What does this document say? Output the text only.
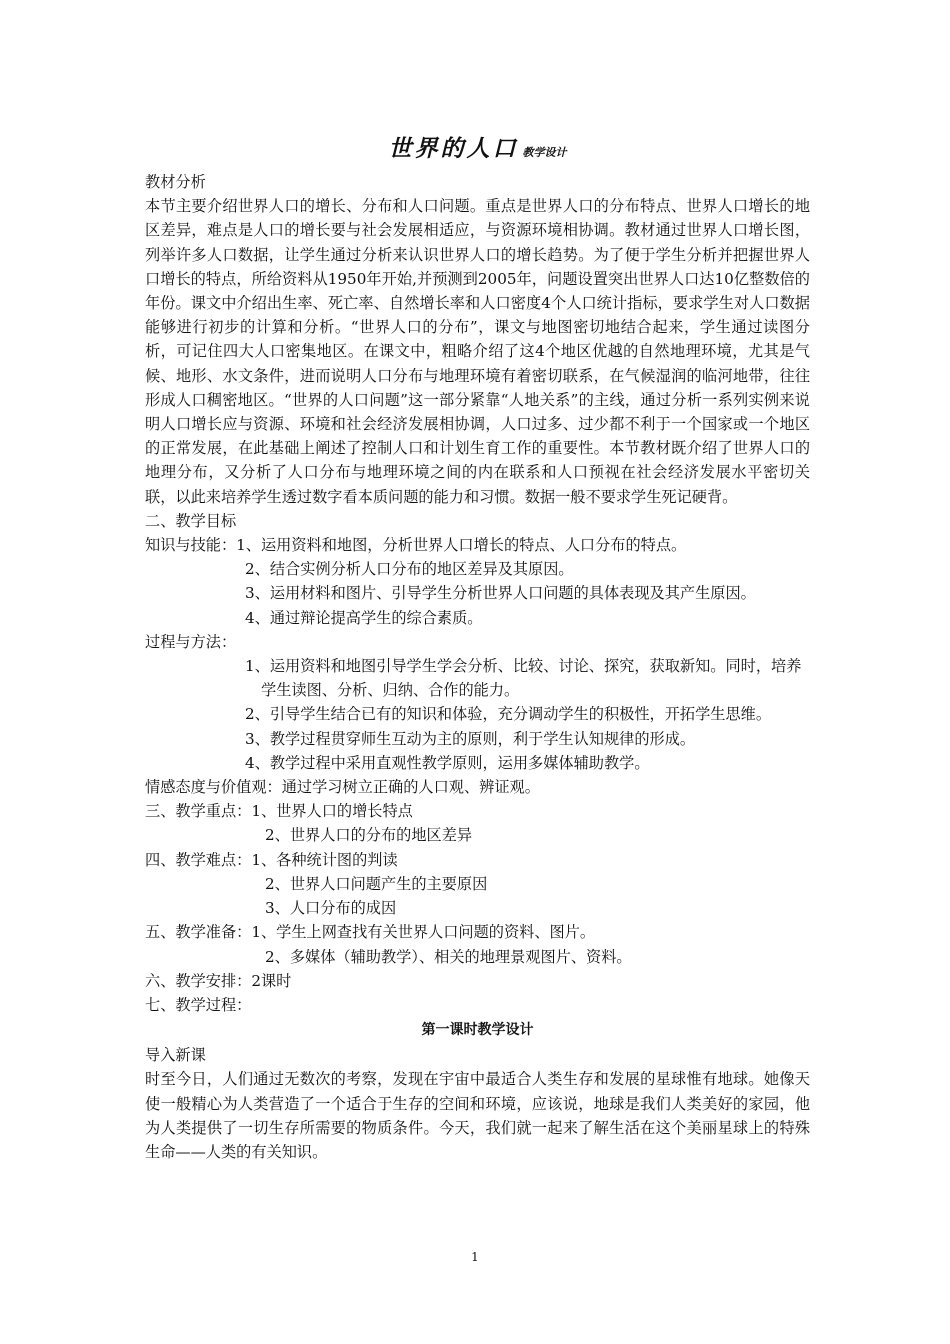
世界的人口 教学设计
教材分析
本节主要介绍世界人口的增长、分布和人口问题。重点是世界人口的分布特点、世界人口增长的地区差异，难点是人口的增长要与社会发展相适应，与资源环境相协调。教材通过世界人口增长图，列举许多人口数据，让学生通过分析来认识世界人口的增长趋势。为了便于学生分析并把握世界人口增长的特点，所给资料从1950年开始,并预测到2005年，问题设置突出世界人口达10亿整数倍的年份。课文中介绍出生率、死亡率、自然增长率和人口密度4个人口统计指标，要求学生对人口数据能够进行初步的计算和分析。“世界人口的分布”，课文与地图密切地结合起来，学生通过读图分析，可记住四大人口密集地区。在课文中，粗略介绍了这4个地区优越的自然地理环境，尤其是气候、地形、水文条件，进而说明人口分布与地理环境有着密切联系，在气候湿润的临河地带，往往形成人口稠密地区。“世界的人口问题”这一部分紧靠“人地关系”的主线，通过分析一系列实例来说明人口增长应与资源、环境和社会经济发展相协调，人口过多、过少都不利于一个国家或一个地区的正常发展，在此基础上阐述了控制人口和计划生育工作的重要性。本节教材既介绍了世界人口的地理分布，又分析了人口分布与地理环境之间的内在联系和人口预视在社会经济发展水平密切关联，以此来培养学生透过数字看本质问题的能力和习惯。数据一般不要求学生死记硬背。
二、教学目标
知识与技能：1、运用资料和地图，分析世界人口增长的特点、人口分布的特点。
2、结合实例分析人口分布的地区差异及其原因。
3、运用材料和图片、引导学生分析世界人口问题的具体表现及其产生原因。
4、通过辩论提高学生的综合素质。
过程与方法：
1、运用资料和地图引导学生学会分析、比较、讨论、探究，获取新知。同时，培养
学生读图、分析、归纳、合作的能力。
2、引导学生结合已有的知识和体验，充分调动学生的积极性，开拓学生思维。
3、教学过程贯穿师生互动为主的原则，利于学生认知规律的形成。
4、教学过程中采用直观性教学原则，运用多媒体辅助教学。
情感态度与价值观：通过学习树立正确的人口观、辨证观。
三、教学重点：1、世界人口的增长特点
2、世界人口的分布的地区差异
四、教学难点：1、各种统计图的判读
2、世界人口问题产生的主要原因
3、人口分布的成因
五、教学准备：1、学生上网查找有关世界人口问题的资料、图片。
2、多媒体（辅助教学）、相关的地理景观图片、资料。
六、教学安排：2课时
七、教学过程：
第一课时教学设计
导入新课
时至今日，人们通过无数次的考察，发现在宇宙中最适合人类生存和发展的星球惟有地球。她像天使一般精心为人类营造了一个适合于生存的空间和环境，应该说，地球是我们人类美好的家园，他为人类提供了一切生存所需要的物质条件。今天，我们就一起来了解生活在这个美丽星球上的特殊生命——人类的有关知识。
1
